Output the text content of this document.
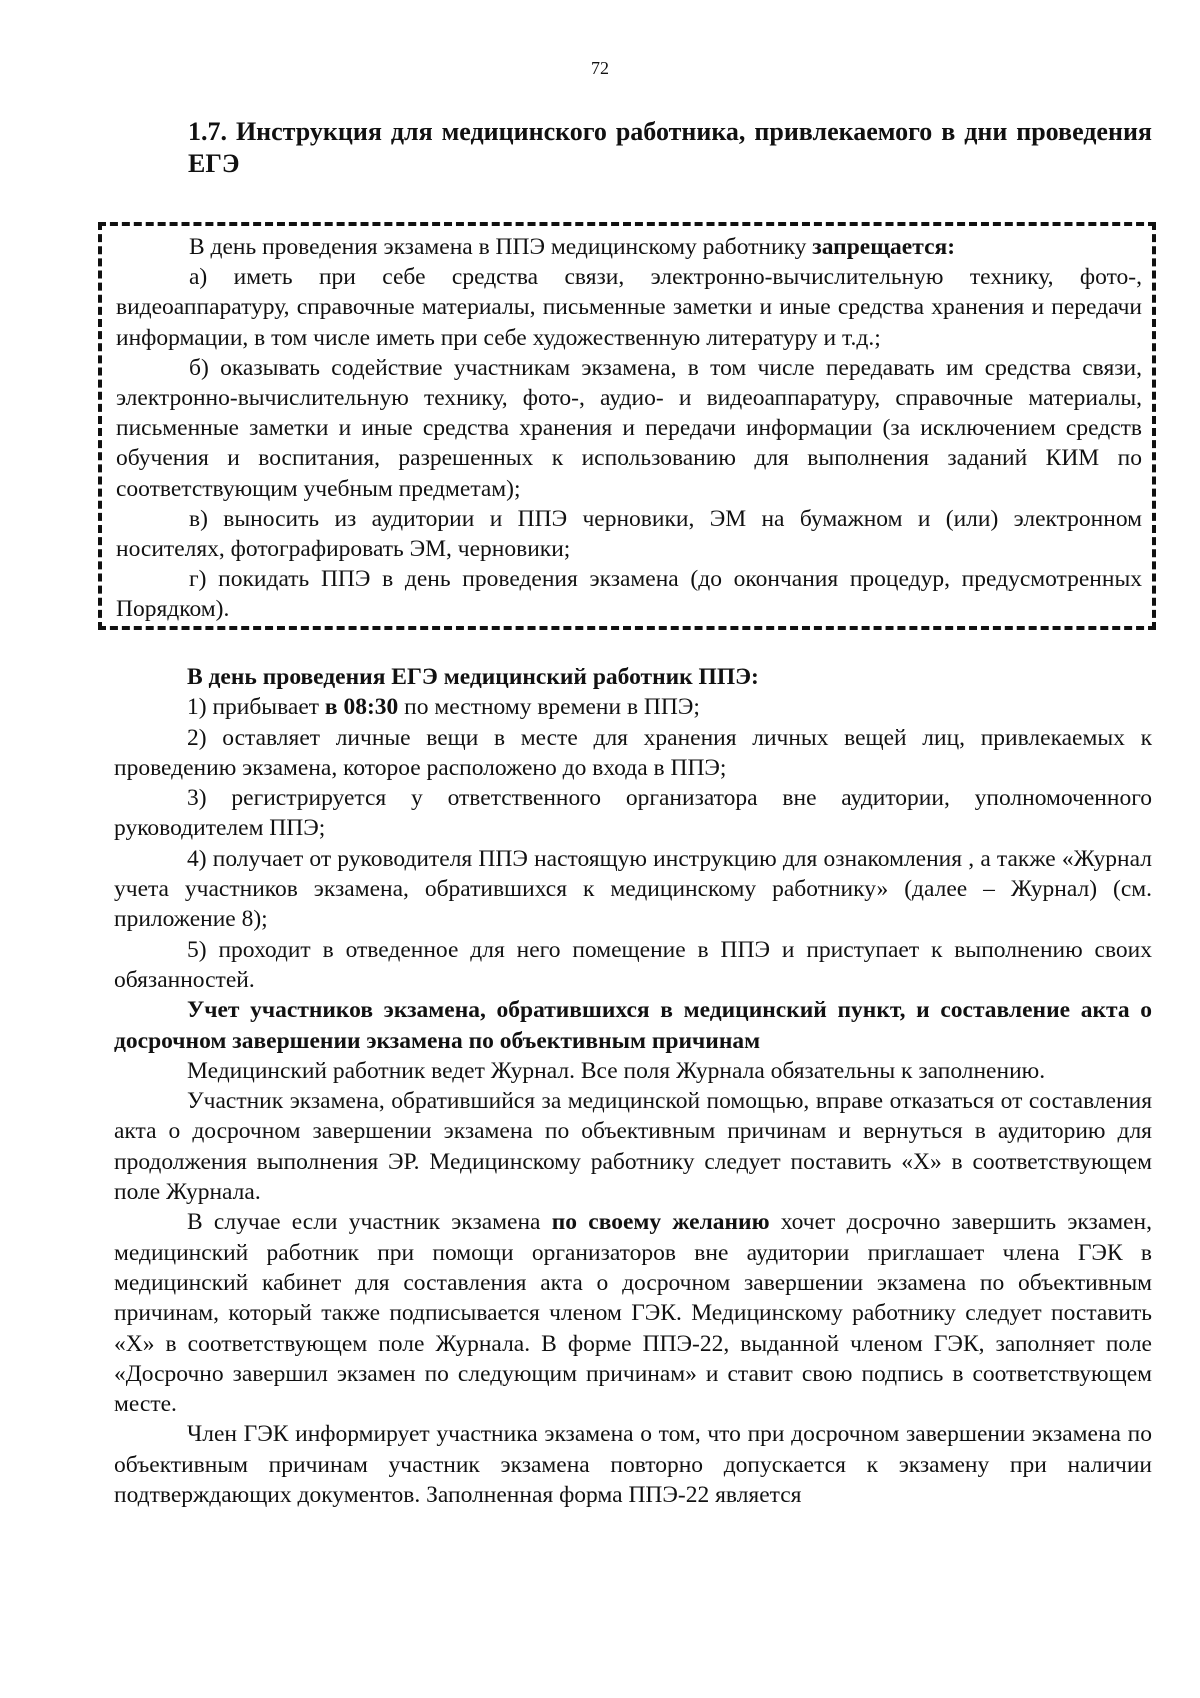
72
1.7. Инструкция для медицинского работника, привлекаемого в дни проведения ЕГЭ

В день проведения экзамена в ППЭ медицинскому работнику запрещается:

а) иметь при себе средства связи, электронно-вычислительную технику, фото-, видеоаппаратуру, справочные материалы, письменные заметки и иные средства хранения и передачи информации, в том числе иметь при себе художественную литературу и т.д.;

б) оказывать содействие участникам экзамена, в том числе передавать им средства связи, электронно-вычислительную технику, фото-, аудио- и видеоаппаратуру, справочные материалы, письменные заметки и иные средства хранения и передачи информации (за исключением средств обучения и воспитания, разрешенных к использованию для выполнения заданий КИМ по соответствующим учебным предметам);

в) выносить из аудитории и ППЭ черновики, ЭМ на бумажном и (или) электронном носителях, фотографировать ЭМ, черновики;

г) покидать ППЭ в день проведения экзамена (до окончания процедур, предусмотренных Порядком).

В день проведения ЕГЭ медицинский работник ППЭ:

1) прибывает в 08:30 по местному времени в ППЭ;

2) оставляет личные вещи в месте для хранения личных вещей лиц, привлекаемых к проведению экзамена, которое расположено до входа в ППЭ;

3) регистрируется у ответственного организатора вне аудитории, уполномоченного руководителем ППЭ;

4) получает от руководителя ППЭ настоящую инструкцию для ознакомления , а также «Журнал учета участников экзамена, обратившихся к медицинскому работнику» (далее – Журнал) (см. приложение 8);

5) проходит в отведенное для него помещение в ППЭ и приступает к выполнению своих обязанностей.

Учет участников экзамена, обратившихся в медицинский пункт, и составление акта о досрочном завершении экзамена по объективным причинам

Медицинский работник ведет Журнал. Все поля Журнала обязательны к заполнению.

Участник экзамена, обратившийся за медицинской помощью, вправе отказаться от составления акта о досрочном завершении экзамена по объективным причинам и вернуться в аудиторию для продолжения выполнения ЭР. Медицинскому работнику следует поставить «Х» в соответствующем поле Журнала.

В случае если участник экзамена по своему желанию хочет досрочно завершить экзамен, медицинский работник при помощи организаторов вне аудитории приглашает члена ГЭК в медицинский кабинет для составления акта о досрочном завершении экзамена по объективным причинам, который также подписывается членом ГЭК. Медицинскому работнику следует поставить «Х» в соответствующем поле Журнала. В форме ППЭ-22, выданной членом ГЭК, заполняет поле «Досрочно завершил экзамен по следующим причинам» и ставит свою подпись в соответствующем месте.

Член ГЭК информирует участника экзамена о том, что при досрочном завершении экзамена по объективным причинам участник экзамена повторно допускается к экзамену при наличии подтверждающих документов. Заполненная форма ППЭ-22 является
